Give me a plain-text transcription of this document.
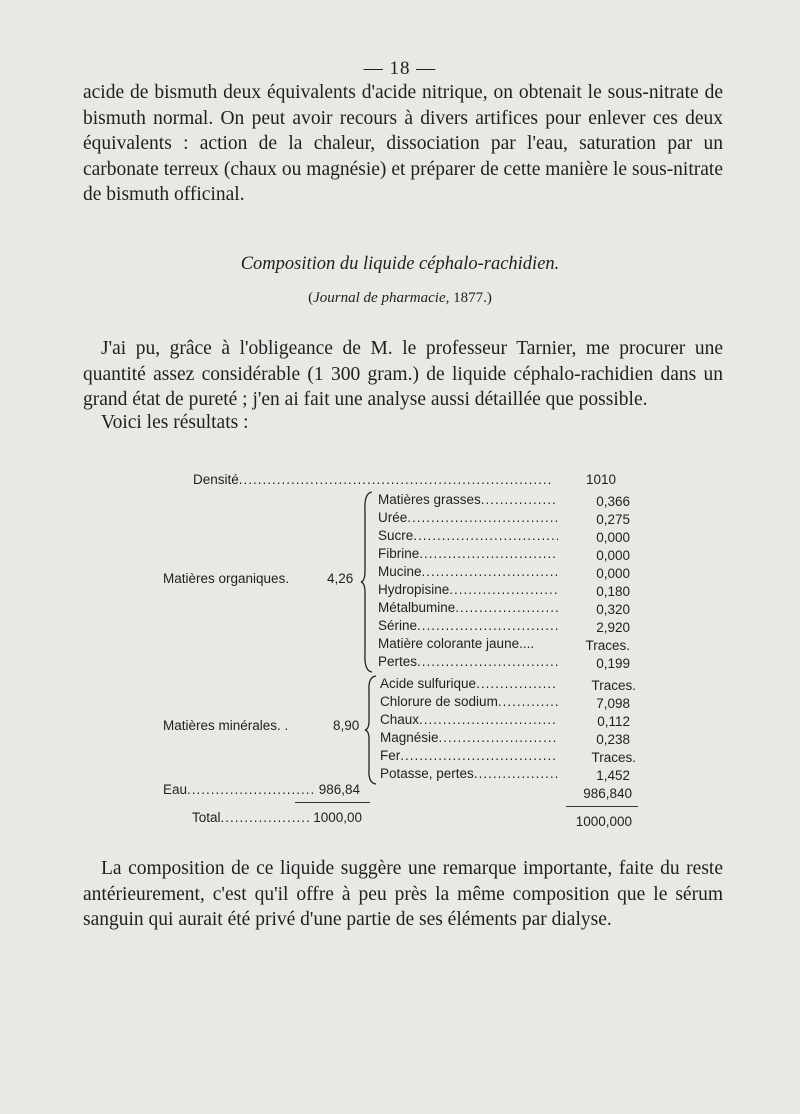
— 18 —

acide de bismuth deux équivalents d'acide nitrique, on obtenait le sous-nitrate de bismuth normal. On peut avoir recours à divers artifices pour enlever ces deux équivalents : action de la chaleur, dissociation par l'eau, saturation par un carbonate terreux (chaux ou magnésie) et préparer de cette manière le sous-nitrate de bismuth officinal.

Composition du liquide céphalo-rachidien.
(Journal de pharmacie, 1877.)

J'ai pu, grâce à l'obligeance de M. le professeur Tarnier, me procurer une quantité assez considérable (1 300 gram.) de liquide céphalo-rachidien dans un grand état de pureté ; j'en ai fait une analyse aussi détaillée que possible.

Voici les résultats :
Densité .....	1010
Matières organiques.	4,26
Matières grasses .....	0,366
Urée .....	0,275
Sucre .....	0,000
Fibrine .....	0,000
Mucine .....	0,000
Hydropisine .....	0,180
Métalbumine .....	0,320
Sérine .....	2,920
Matière colorante jaune....	Traces.
Pertes .....	0,199
Matières minérales. .	8,90
Acide sulfurique .....	Traces.
Chlorure de sodium .....	7,098
Chaux .....	0,112
Magnésie .....	0,238
Fer .....	Traces.
Potasse, pertes .....	1,452
Eau .....	986,84	986,840
Total .....	1000,00	1000,000

La composition de ce liquide suggère une remarque importante, faite du reste antérieurement, c'est qu'il offre à peu près la même composition que le sérum sanguin qui aurait été privé d'une partie de ses éléments par dialyse.
